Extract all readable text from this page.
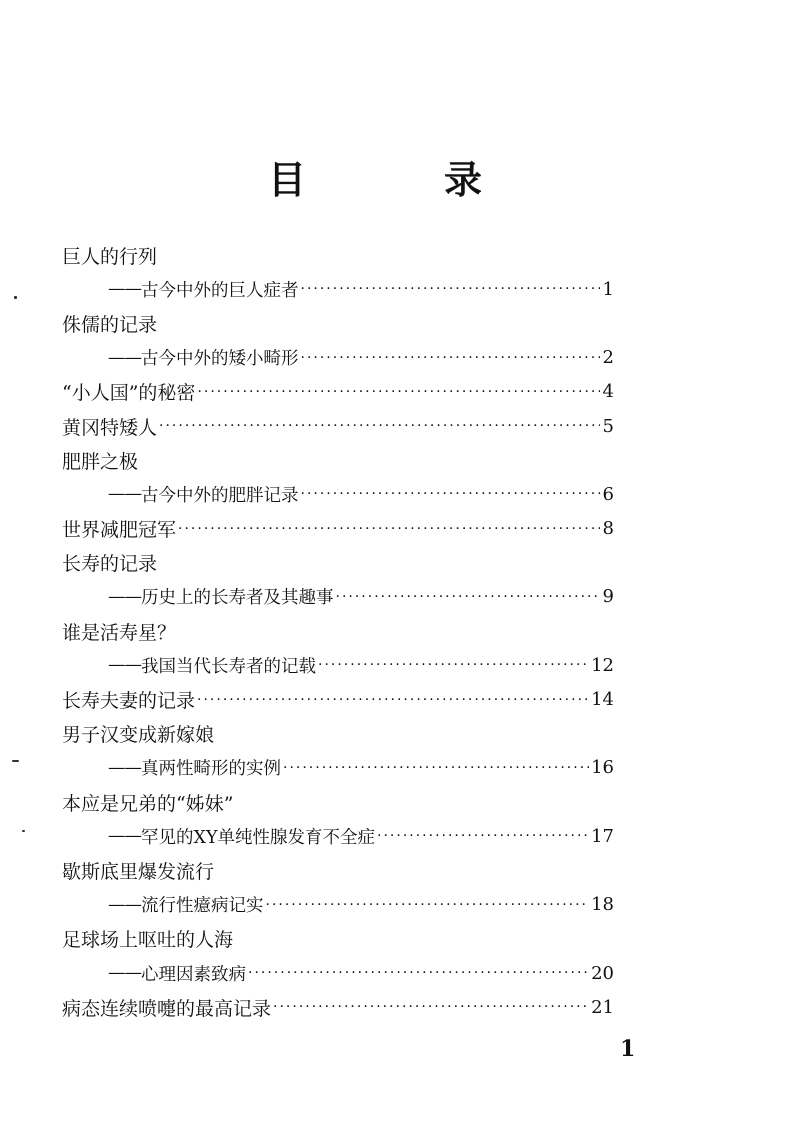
目　录
巨人的行列
—— 古今中外的巨人症者 ·····	1
侏儒的记录
—— 古今中外的矮小畸形 ·····	2
“小人国”的秘密 ·····	4
黄冈特矮人 ·····	5
肥胖之极
—— 古今中外的肥胖记录 ·····	6
世界减肥冠军 ·····	8
长寿的记录
—— 历史上的长寿者及其趣事 ·····	9
谁是活寿星？
—— 我国当代长寿者的记载 ·····	12
长寿夫妻的记录 ·····	14
男子汉变成新嫁娘
—— 真两性畸形的实例 ·····	16
本应是兄弟的“姊妹”
—— 罕见的XY单纯性腺发育不全症 ·····	17
歇斯底里爆发流行
—— 流行性癔病记实 ·····	18
足球场上呕吐的人海
—— 心理因素致病 ·····	20
病态连续喷嚏的最高记录 ·····	21
1
